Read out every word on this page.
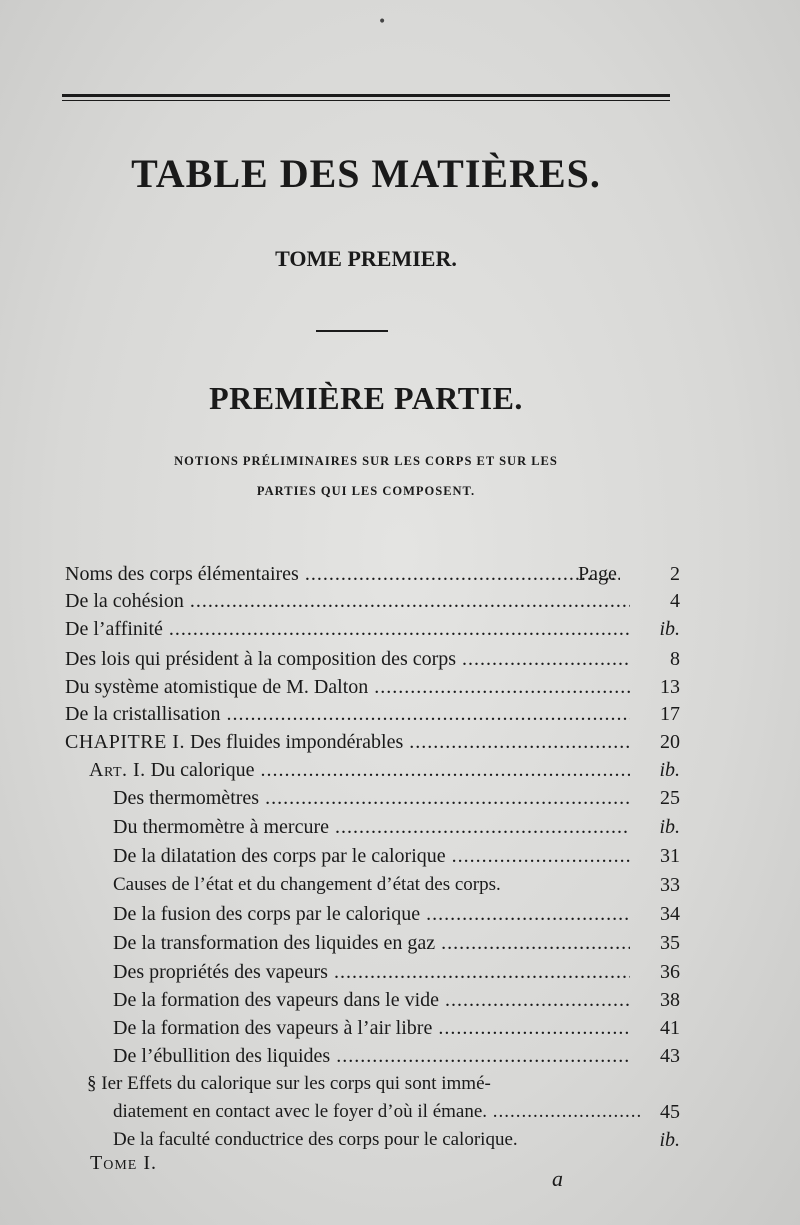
•
TABLE DES MATIÈRES.
TOME PREMIER.
PREMIÈRE PARTIE.
NOTIONS PRÉLIMINAIRES SUR LES CORPS ET SUR LES
PARTIES QUI LES COMPOSENT.
Noms des corps élémentaires .....	Page	2
De la cohésion .....	4
De l’affinité .....	ib.
Des lois qui président à la composition des corps .....	8
Du système atomistique de M. Dalton .....	13
De la cristallisation .....	17
CHAPITRE I. Des fluides impondérables .....	20
Art. I. Du calorique .....	ib.
Des thermomètres .....	25
Du thermomètre à mercure .....	ib.
De la dilatation des corps par le calorique .....	31
Causes de l’état et du changement d’état des corps.	33
De la fusion des corps par le calorique .....	34
De la transformation des liquides en gaz .....	35
Des propriétés des vapeurs .....	36
De la formation des vapeurs dans le vide .....	38
De la formation des vapeurs à l’air libre .....	41
De l’ébullition des liquides .....	43
§ Ier Effets du calorique sur les corps qui sont immé-
diatement en contact avec le foyer d’où il émane. .....	45
De la faculté conductrice des corps pour le calorique.	ib.
Tome I.
a
